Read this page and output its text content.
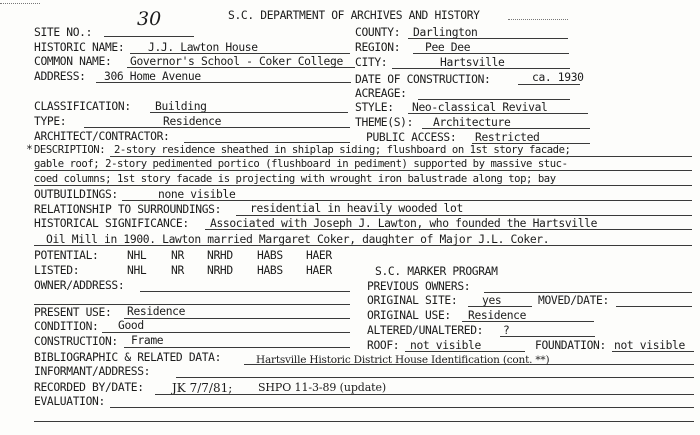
S.C. DEPARTMENT OF ARCHIVES AND HISTORY
SITE NO.:
30
COUNTY: Darlington
HISTORIC NAME: J.J. Lawton House	REGION: Pee Dee
COMMON NAME: Governor's School - Coker College CITY:	Hartsville
ADDRESS: 306 Home Avenue	DATE OF CONSTRUCTION:	ca. 1930
ACREAGE:
CLASSIFICATION: Building	STYLE: Neo-classical Revival
TYPE:	Residence	THEME(S): Architecture
ARCHITECT/CONTRACTOR:	PUBLIC ACCESS: Restricted
* DESCRIPTION: 2-story residence sheathed in shiplap siding; flushboard on 1st story facade;
gable roof; 2-story pedimented portico (flushboard in pediment) supported by massive stuc-
coed columns; 1st story facade is projecting with wrought iron balustrade along top; bay
OUTBUILDINGS:	none visible
RELATIONSHIP TO SURROUNDINGS:	residential in heavily wooded lot
HISTORICAL SIGNIFICANCE: Associated with Joseph J. Lawton, who founded the Hartsville
Oil Mill in 1900. Lawton married Margaret Coker, daughter of Major J.L. Coker.
POTENTIAL:	NHL NR NRHD HABS HAER
LISTED:	NHL NR NRHD HABS HAER	S.C. MARKER PROGRAM
OWNER/ADDRESS:	PREVIOUS OWNERS:
ORIGINAL SITE: yes	MOVED/DATE:
PRESENT USE: Residence	ORIGINAL USE: Residence
CONDITION: Good	ALTERED/UNALTERED: ?
CONSTRUCTION: Frame	ROOF: not visible	FOUNDATION: not visible
BIBLIOGRAPHIC & RELATED DATA:	Hartsville Historic District House Identification (cont. **)
INFORMANT/ADDRESS:
RECORDED BY/DATE: JK 7/7/81; SHPO 11-3-89 (update)
EVALUATION:
